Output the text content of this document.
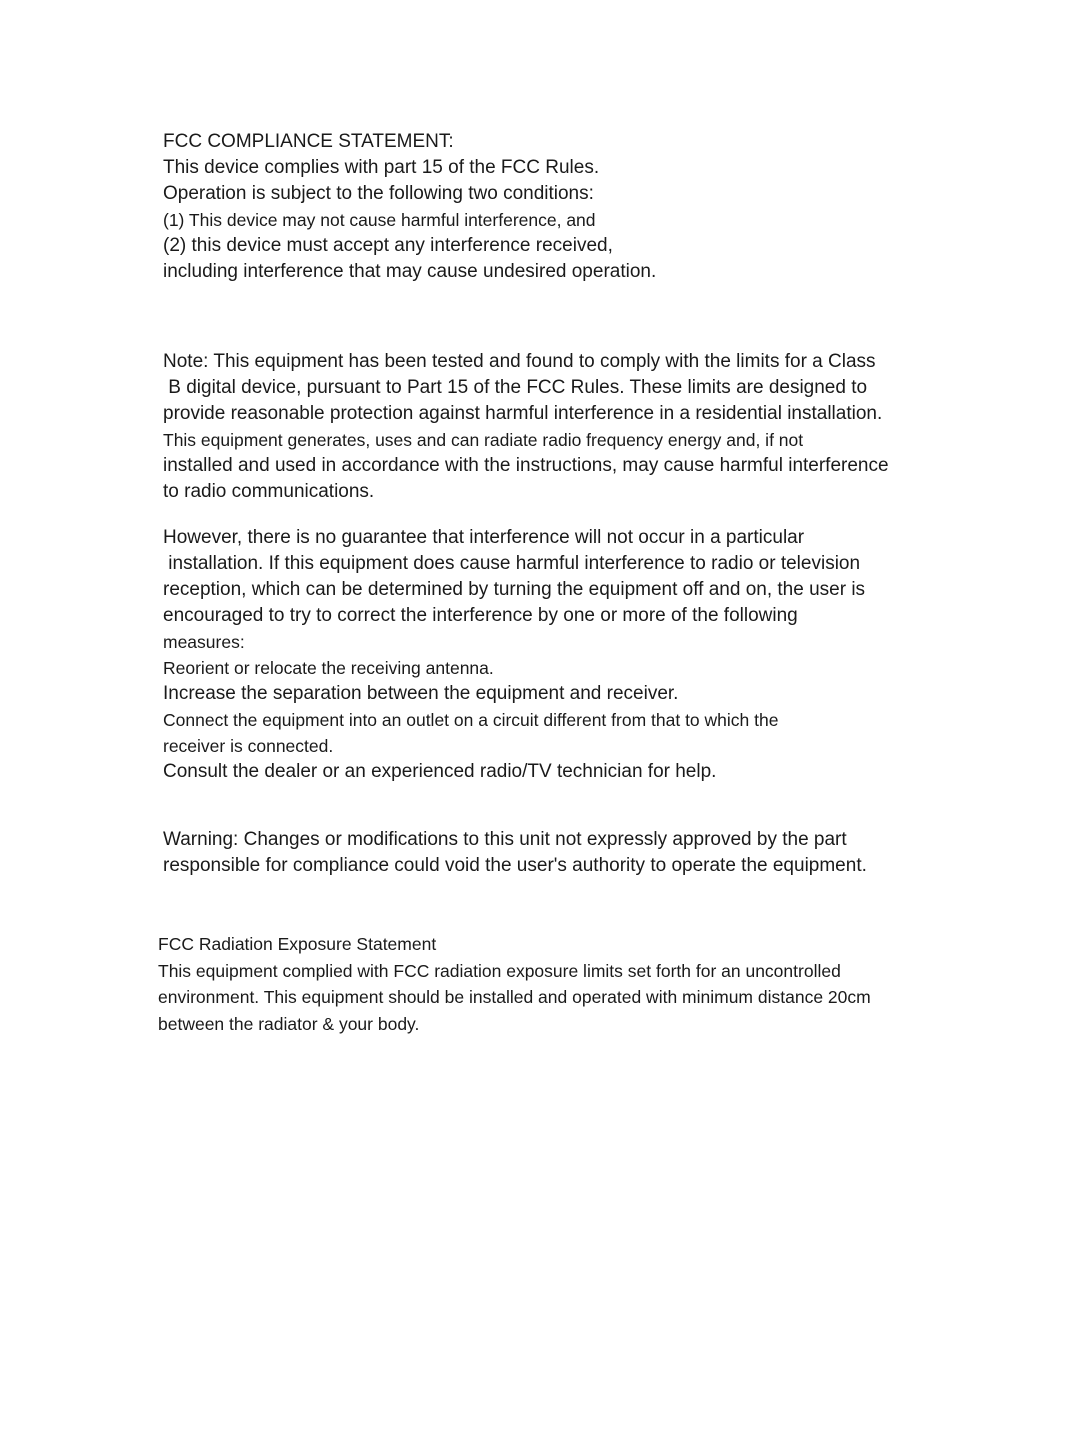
FCC COMPLIANCE STATEMENT:
This device complies with part 15 of the FCC Rules.
Operation is subject to the following two conditions:
(1) This device may not cause harmful interference, and
(2) this device must accept any interference received,
including interference that may cause undesired operation.
Note: This equipment has been tested and found to comply with the limits for a Class
B digital device, pursuant to Part 15 of the FCC Rules. These limits are designed to
provide reasonable protection against harmful interference in a residential installation.
This equipment generates, uses and can radiate radio frequency energy and, if not
installed and used in accordance with the instructions, may cause harmful interference
to radio communications.
However, there is no guarantee that interference will not occur in a particular
installation. If this equipment does cause harmful interference to radio or television
reception, which can be determined by turning the equipment off and on, the user is
encouraged to try to correct the interference by one or more of the following
measures:
Reorient or relocate the receiving antenna.
Increase the separation between the equipment and receiver.
Connect the equipment into an outlet on a circuit different from that to which the
receiver is connected.
Consult the dealer or an experienced radio/TV technician for help.
Warning: Changes or modifications to this unit not expressly approved by the part
responsible for compliance could void the user's authority to operate the equipment.
FCC Radiation Exposure Statement
This equipment complied with FCC radiation exposure limits set forth for an uncontrolled
environment. This equipment should be installed and operated with minimum distance 20cm
between the radiator & your body.
